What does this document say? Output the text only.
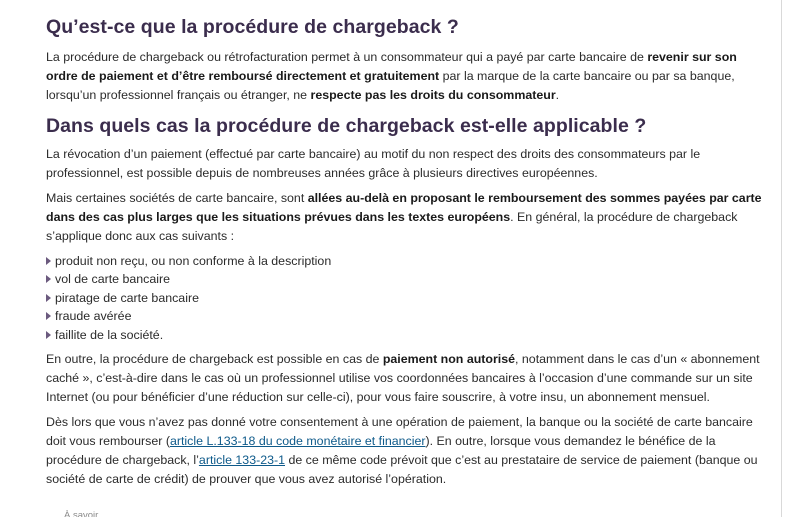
Qu’est-ce que la procédure de chargeback ?

La procédure de chargeback ou rétrofacturation permet à un consommateur qui a payé par carte bancaire de revenir sur son ordre de paiement et d’être remboursé directement et gratuitement par la marque de la carte bancaire ou par sa banque, lorsqu’un professionnel français ou étranger, ne respecte pas les droits du consommateur.

Dans quels cas la procédure de chargeback est-elle applicable ?

La révocation d’un paiement (effectué par carte bancaire) au motif du non respect des droits des consommateurs par le professionnel, est possible depuis de nombreuses années grâce à plusieurs directives européennes.

Mais certaines sociétés de carte bancaire, sont allées au-delà en proposant le remboursement des sommes payées par carte dans des cas plus larges que les situations prévues dans les textes européens. En général, la procédure de chargeback s’applique donc aux cas suivants :

produit non reçu, ou non conforme à la description
vol de carte bancaire
piratage de carte bancaire
fraude avérée
faillite de la société.

En outre, la procédure de chargeback est possible en cas de paiement non autorisé, notamment dans le cas d’un « abonnement caché », c’est-à-dire dans le cas où un professionnel utilise vos coordonnées bancaires à l’occasion d’une commande sur un site Internet (ou pour bénéficier d’une réduction sur celle-ci), pour vous faire souscrire, à votre insu, un abonnement mensuel.

Dès lors que vous n’avez pas donné votre consentement à une opération de paiement, la banque ou la société de carte bancaire doit vous rembourser (article L.133-18 du code monétaire et financier). En outre, lorsque vous demandez le bénéfice de la procédure de chargeback, l’article 133-23-1 de ce même code prévoit que c’est au prestataire de service de paiement (banque ou société de carte de crédit) de prouver que vous avez autorisé l’opération.

À savoir
